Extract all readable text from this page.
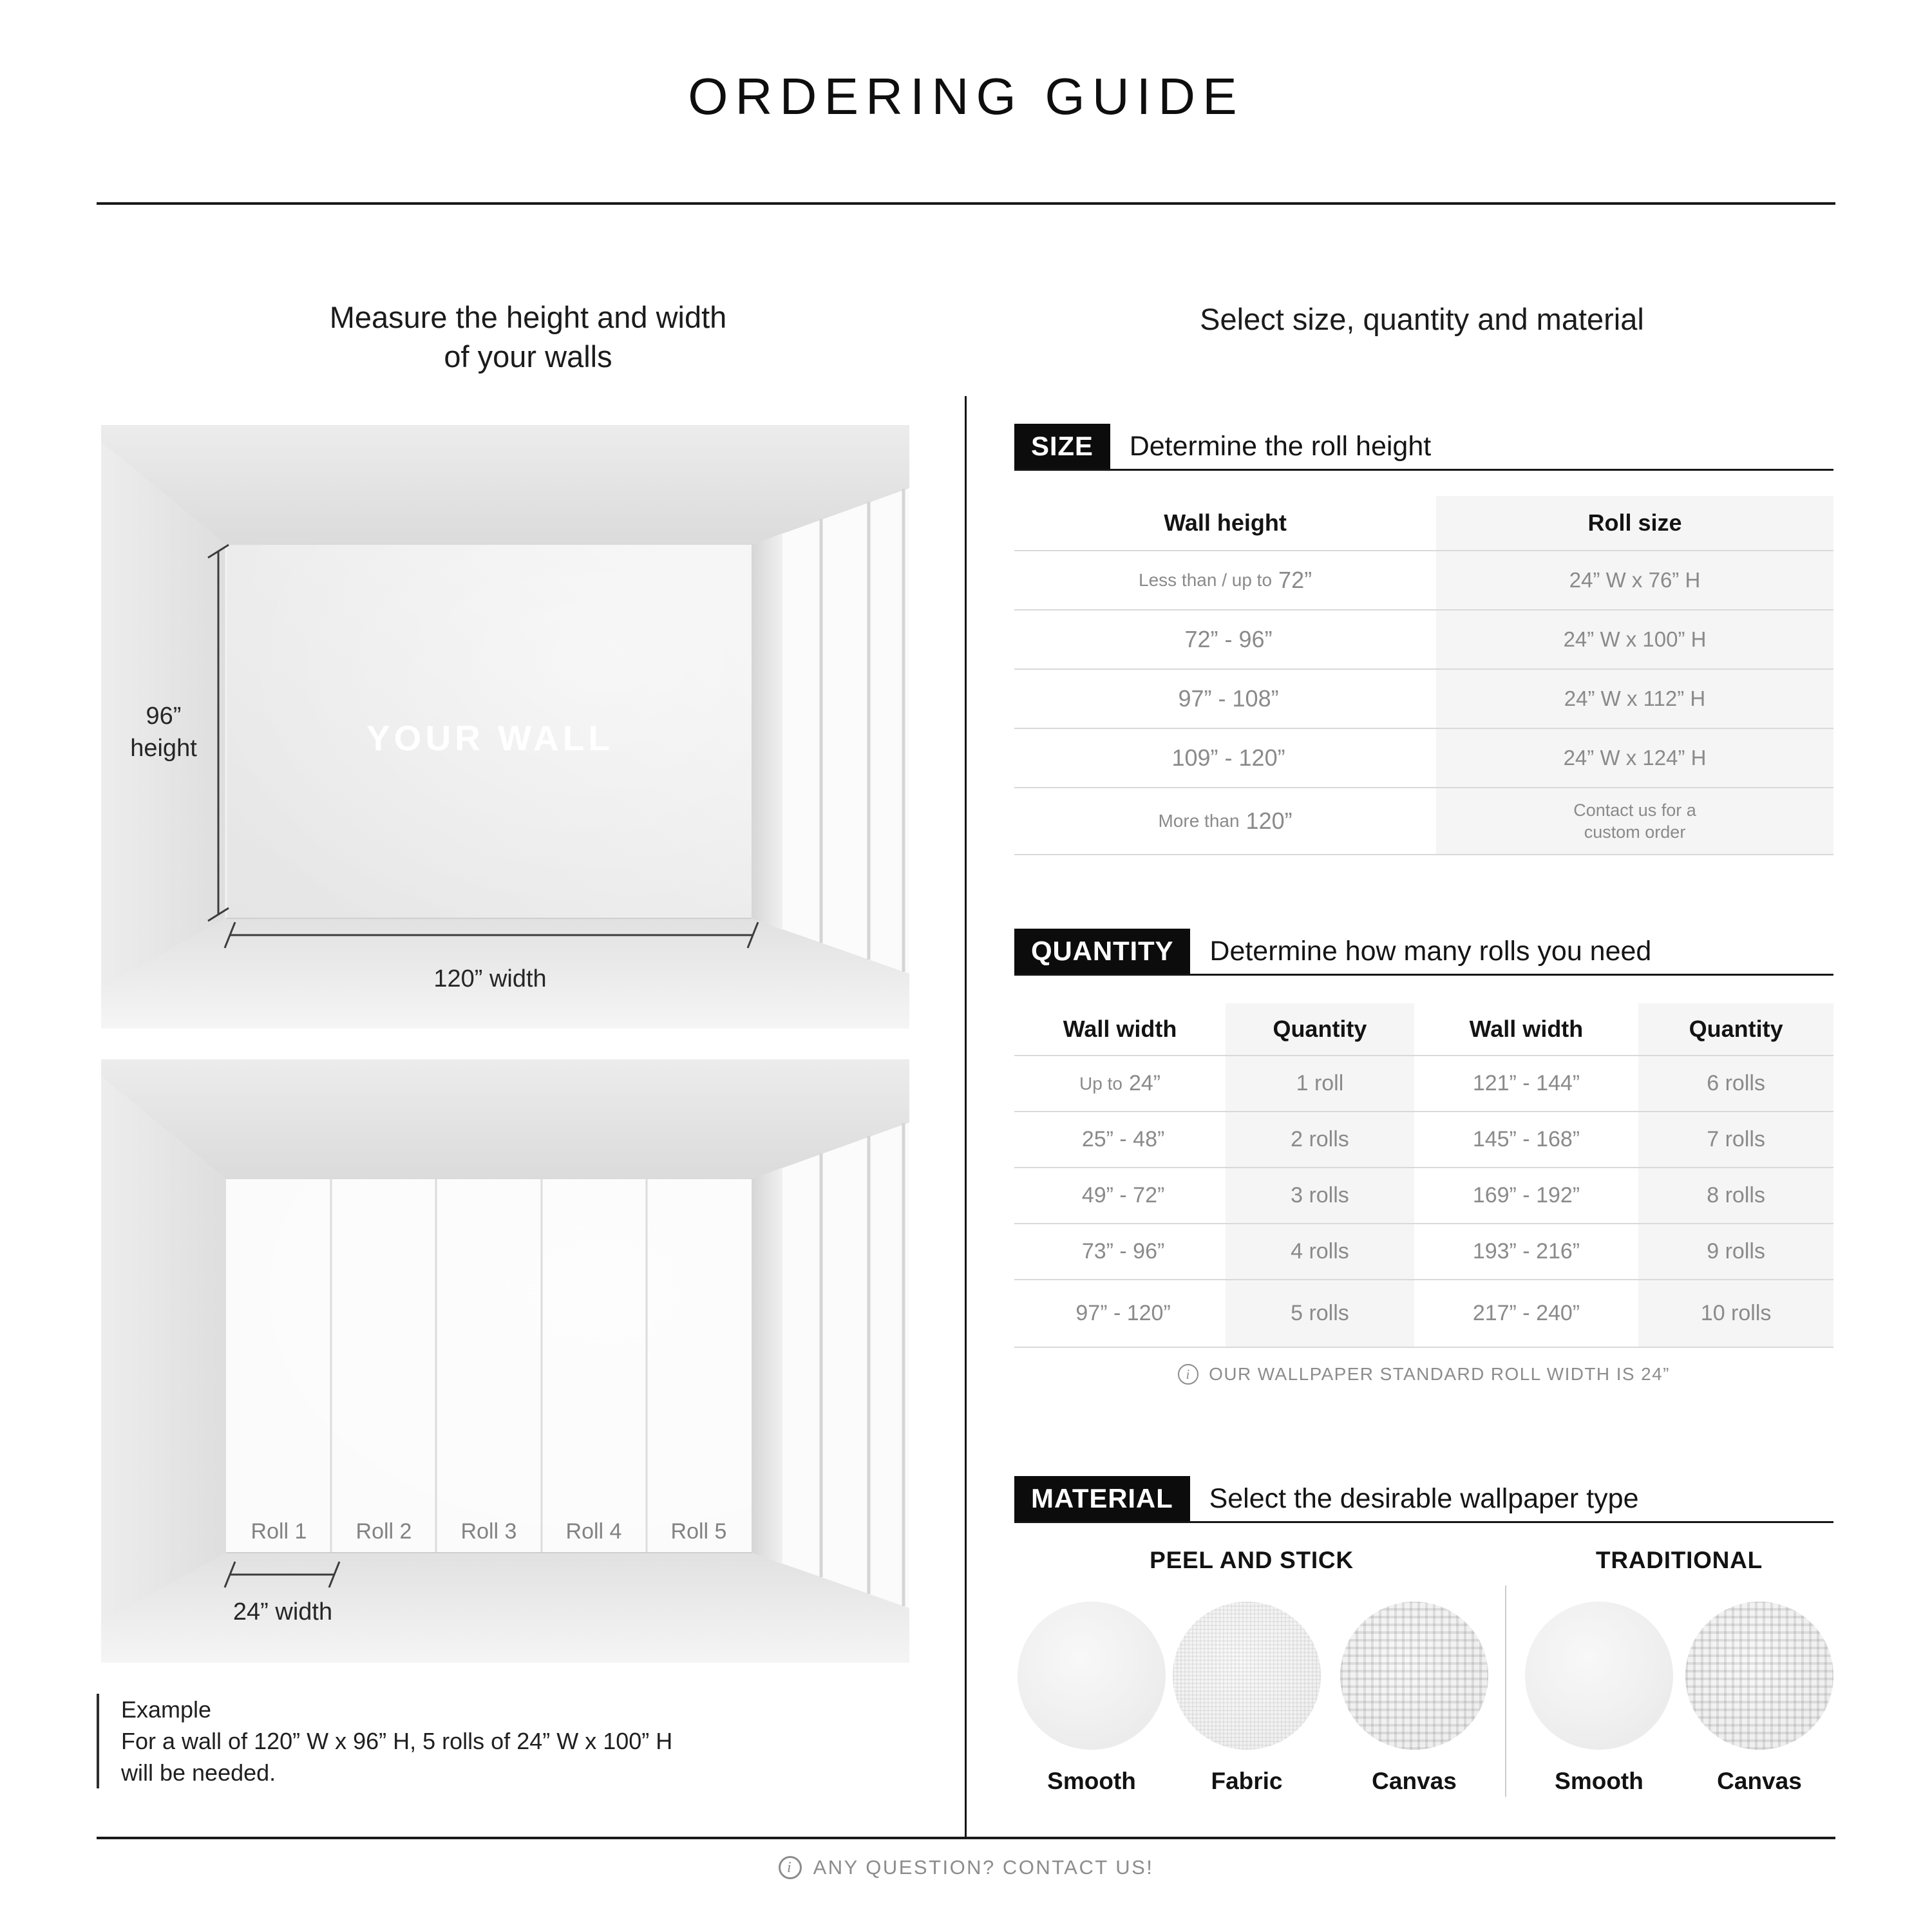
ORDERING GUIDE
Measure the height and width
of your walls
Select size, quantity and material
96”
height
120” width
YOUR WALL
Roll 1 Roll 2 Roll 3 Roll 4 Roll 5
24” width
Example
For a wall of 120” W x 96” H, 5 rolls of 24” W x 100” H
will be needed.
SIZE	Determine the roll height
Wall height	Roll size
Less than / up to 72”	24” W x 76” H
72” - 96”	24” W x 100” H
97” - 108”	24” W x 112” H
109” - 120”	24” W x 124” H
More than 120”	Contact us for a
custom order
QUANTITY	Determine how many rolls you need
Wall width	Quantity	Wall width	Quantity
Up to 24”	1 roll	121” - 144”	6 rolls
25” - 48”	2 rolls	145” - 168”	7 rolls
49” - 72”	3 rolls	169” - 192”	8 rolls
73” - 96”	4 rolls	193” - 216”	9 rolls
97” - 120”	5 rolls	217” - 240”	10 rolls
i	OUR WALLPAPER STANDARD ROLL WIDTH IS 24”
MATERIAL	Select the desirable wallpaper type
PEEL AND STICK	TRADITIONAL
Smooth	Fabric	Canvas	Smooth	Canvas
i	ANY QUESTION? CONTACT US!
